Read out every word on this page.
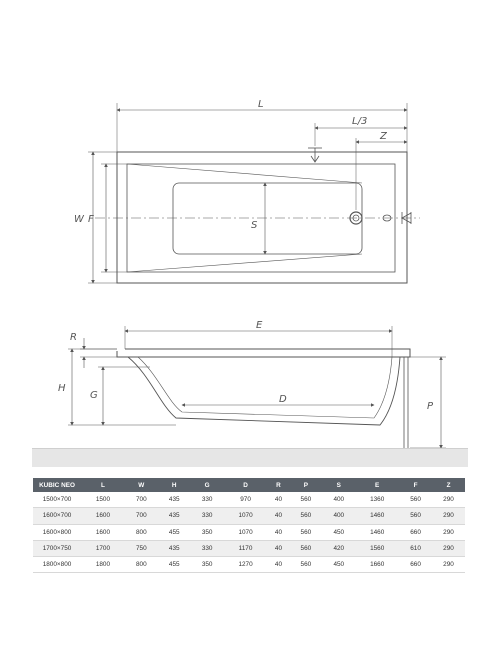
L
L/3
Z
W F
S
E
R
H
G	D
P
KUBIC NEO	L	W	H	G	D	R	P	S	E	F	Z
1500×700	1500	700	435	330	970	40	560	400	1360	560	290
1600×700	1600	700	435	330	1070	40	560	400	1460	560	290
1600×800	1600	800	455	350	1070	40	560	450	1460	660	290
1700×750	1700	750	435	330	1170	40	560	420	1560	610	290
1800×800	1800	800	455	350	1270	40	560	450	1660	660	290
